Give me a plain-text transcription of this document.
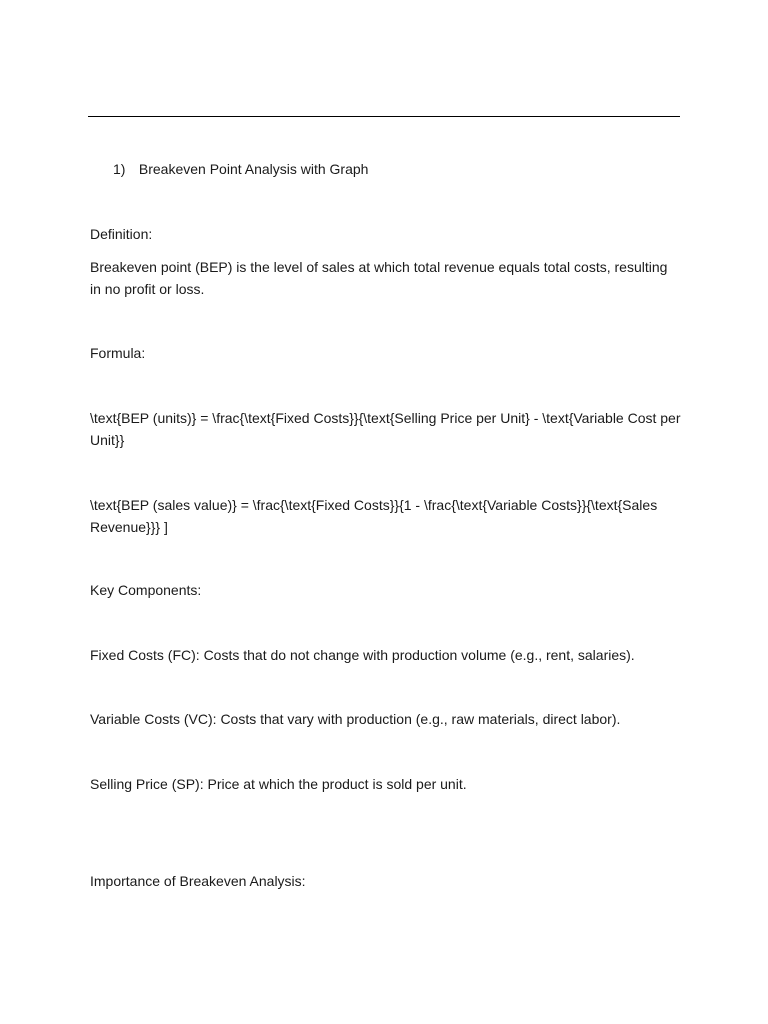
1) Breakeven Point Analysis with Graph
Definition:
Breakeven point (BEP) is the level of sales at which total revenue equals total costs, resulting in no profit or loss.
Formula:
\text{BEP (units)} = \frac{\text{Fixed Costs}}{\text{Selling Price per Unit} - \text{Variable Cost per Unit}}
\text{BEP (sales value)} = \frac{\text{Fixed Costs}}{1 - \frac{\text{Variable Costs}}{\text{Sales Revenue}}} ]
Key Components:
Fixed Costs (FC): Costs that do not change with production volume (e.g., rent, salaries).
Variable Costs (VC): Costs that vary with production (e.g., raw materials, direct labor).
Selling Price (SP): Price at which the product is sold per unit.
Importance of Breakeven Analysis:
